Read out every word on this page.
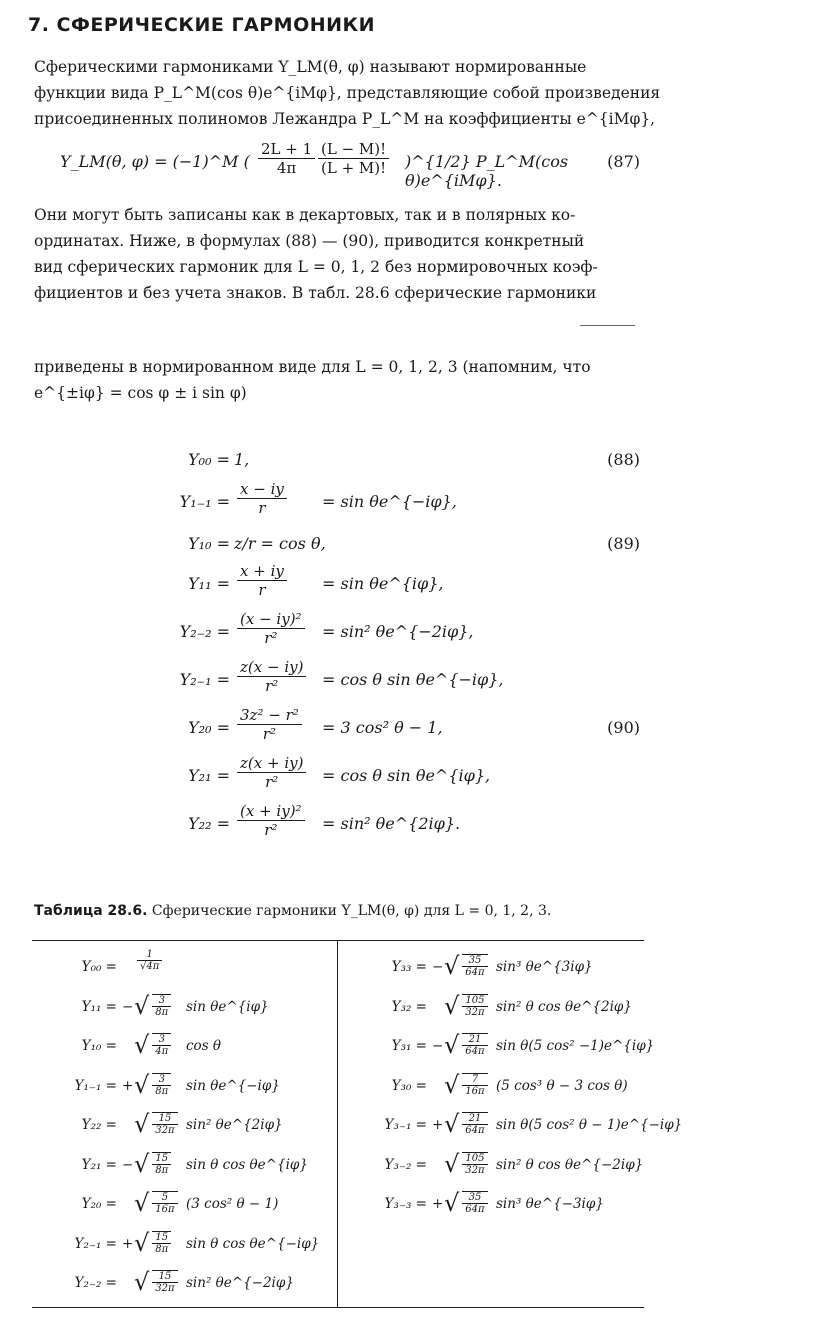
7. СФЕРИЧЕСКИЕ ГАРМОНИКИ
Сферическими гармониками Y_LM(θ, φ) называют нормированные
функции вида P_L^M(cos θ)e^{iMφ}, представляющие собой произведения
присоединенных полиномов Лежандра P_L^M на коэффициенты e^{iMφ},
Y_LM(θ, φ) = (−1)^M ( $\frac{2L + 1}{4\pi} \frac{(L - M)!}{(L + M)!}$ )^{1/2} P_L^M(cos θ)e^{iMφ}.
(87)
Они могут быть записаны как в декартовых, так и в полярных ко-
ординатах. Ниже, в формулах (88) — (90), приводится конкретный
вид сферических гармоник для L = 0, 1, 2 без нормировочных коэф-
фициентов и без учета знаков. В табл. 28.6 сферические гармоники
приведены в нормированном виде для L = 0, 1, 2, 3 (напомним, что
e^{±iφ} = cos φ ± i sin φ)
Y₀₀ = 1,	(88)
$Y_{1-1} = \frac{x - iy}{r} = \sin$ θe^{−iφ},
Y₁₀ = z/r = cos θ,	(89)
$Y_{11} = \frac{x + iy}{r} = \sin$ θe^{iφ},
$Y_{2-2} = \frac{\text{(x − iy)²}}{\text{r²}} = \sin^2$ θe^{−2iφ},
$Y_{2-1} = \frac{z(x - iy)}{\text{r²}} = \cos \theta$ sin θe^{−iφ},
$Y_{20} = \frac{\text{3z² − r²}}{\text{r²}} = 3$ cos² θ − 1,	(90)
$Y_{21} = \frac{z(x + iy)}{\text{r²}} = \cos \theta$ sin θe^{iφ},
$Y_{22} = \frac{\text{(x + iy)²}}{\text{r²}} = \sin^2$ θe^{2iφ}.
Таблица 28.6. Сферические гармоники Y_LM(θ, φ) для L = 0, 1, 2, 3.
$Y_{00} = \frac{1}{√4\pi}$
Y₁₁ = − √ $\frac{3}{8\pi}$ sin θe^{iφ}
Y₁₀ = √ $\frac{3}{4\pi}$ cos θ
Y₁₋₁ = + √ $\frac{3}{8\pi}$ sin θe^{−iφ}
Y₂₂ = √ $\frac{15}{32\pi} \sin^2$ θe^{2iφ}
Y₂₁ = − √ $\frac{15}{8\pi}$ sin θ cos θe^{iφ}
Y₂₀ = √ $\frac{5}{16\pi} (3$ cos² θ − 1)
Y₂₋₁ = + √ $\frac{15}{8\pi}$ sin θ cos θe^{−iφ}
Y₂₋₂ = √ $\frac{15}{32\pi} \sin^2$ θe^{−2iφ}
Y₃₃ = − √ $\frac{35}{64\pi} \sin^3$ θe^{3iφ}
Y₃₂ = √ $\frac{105}{32\pi} \sin^2$ θ cos θe^{2iφ}
Y₃₁ = − √ $\frac{21}{64\pi}$ sin θ(5 cos² −1)e^{iφ}
Y₃₀ = √ $\frac{7}{16\pi} (5$ cos³ θ − 3 cos θ)
Y₃₋₁ = + √ $\frac{21}{64\pi}$ sin θ(5 cos² θ − 1)e^{−iφ}
Y₃₋₂ = √ $\frac{105}{32\pi} \sin^2$ θ cos θe^{−2iφ}
Y₃₋₃ = + √ $\frac{35}{64\pi} \sin^3$ θe^{−3iφ}
